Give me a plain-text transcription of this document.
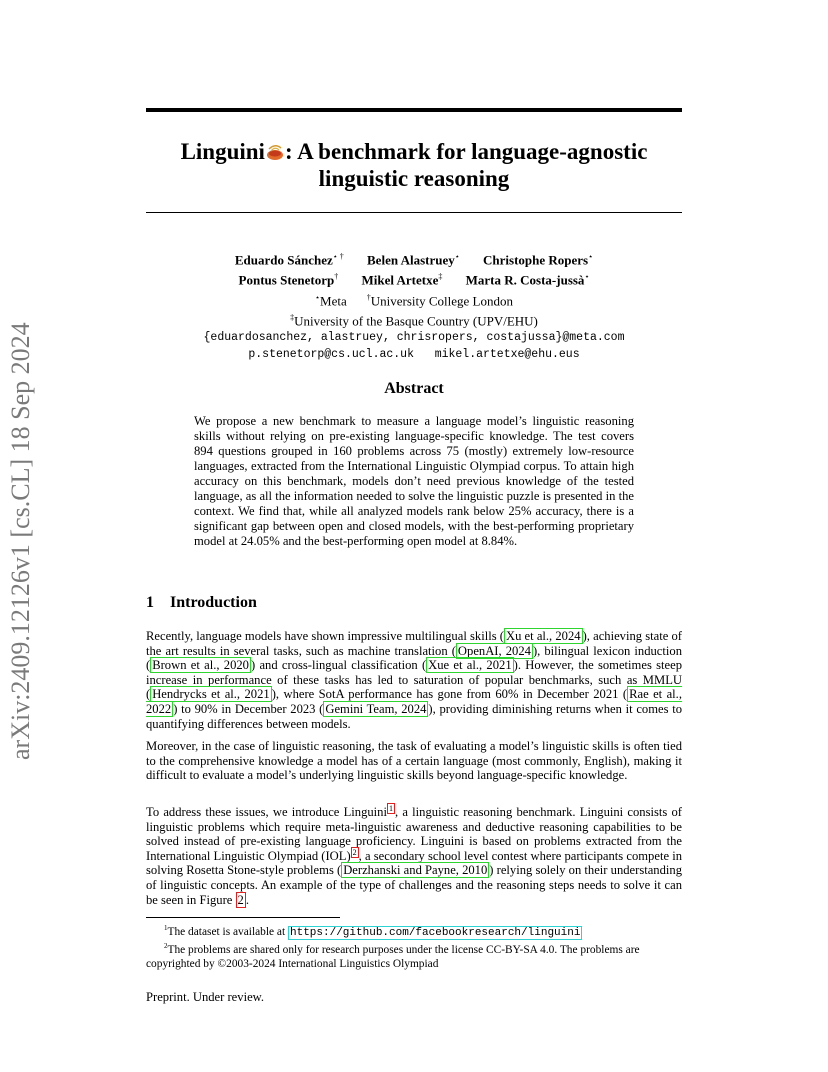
arXiv:2409.12126v1 [cs.CL] 18 Sep 2024
Linguini : A benchmark for language-agnostic
linguistic reasoning
Eduardo Sánchez⋆ † Belen Alastruey⋆ Christophe Ropers⋆
Pontus Stenetorp† Mikel Artetxe‡ Marta R. Costa-jussà⋆
⋆Meta	†University College London
‡University of the Basque Country (UPV/EHU)
{eduardosanchez, alastruey, chrisropers, costajussa}@meta.com
p.stenetorp@cs.ucl.ac.uk   mikel.artetxe@ehu.eus
Abstract
We propose a new benchmark to measure a language model’s linguistic reasoning skills without relying on pre-existing language-specific knowledge. The test covers 894 questions grouped in 160 problems across 75 (mostly) extremely low-resource languages, extracted from the International Linguistic Olympiad corpus. To attain high accuracy on this benchmark, models don’t need previous knowledge of the tested language, as all the information needed to solve the linguistic puzzle is presented in the context. We find that, while all analyzed models rank below 25% accuracy, there is a significant gap between open and closed models, with the best-performing proprietary model at 24.05% and the best-performing open model at 8.84%.
1 Introduction
Recently, language models have shown impressive multilingual skills ( Xu et al., 2024 ), achieving state of the art results in several tasks, such as machine translation ( OpenAI, 2024 ), bilingual lexicon induction ( Brown et al., 2020 ) and cross-lingual classification ( Xue et al., 2021 ). However, the sometimes steep increase in performance of these tasks has led to saturation of popular benchmarks, such as MMLU ( Hendrycks et al., 2021 ), where SotA performance has gone from 60% in December 2021 ( Rae et al., 2022 ) to 90% in December 2023 ( Gemini Team, 2024 ), providing diminishing returns when it comes to quantifying differences between models.
Moreover, in the case of linguistic reasoning, the task of evaluating a model’s linguistic skills is often tied to the comprehensive knowledge a model has of a certain language (most commonly, English), making it difficult to evaluate a model’s underlying linguistic skills beyond language-specific knowledge.
To address these issues, we introduce Linguini $^1$ , a linguistic reasoning benchmark. Linguini consists of linguistic problems which require meta-linguistic awareness and deductive reasoning capabilities to be solved instead of pre-existing language proficiency. Linguini is based on problems extracted from the International Linguistic Olympiad (IOL) $^2$ , a secondary school level contest where participants compete in solving Rosetta Stone-style problems ( Derzhanski and Payne, 2010 ) relying solely on their understanding of linguistic concepts. An example of the type of challenges and the reasoning steps needs to solve it can be seen in Figure 2 .
$^1$The dataset is available at https://github.com/facebookresearch/linguini
$^2$The problems are shared only for research purposes under the license CC-BY-SA 4.0. The problems are copyrighted by ©2003-2024 International Linguistics Olympiad
Preprint. Under review.
